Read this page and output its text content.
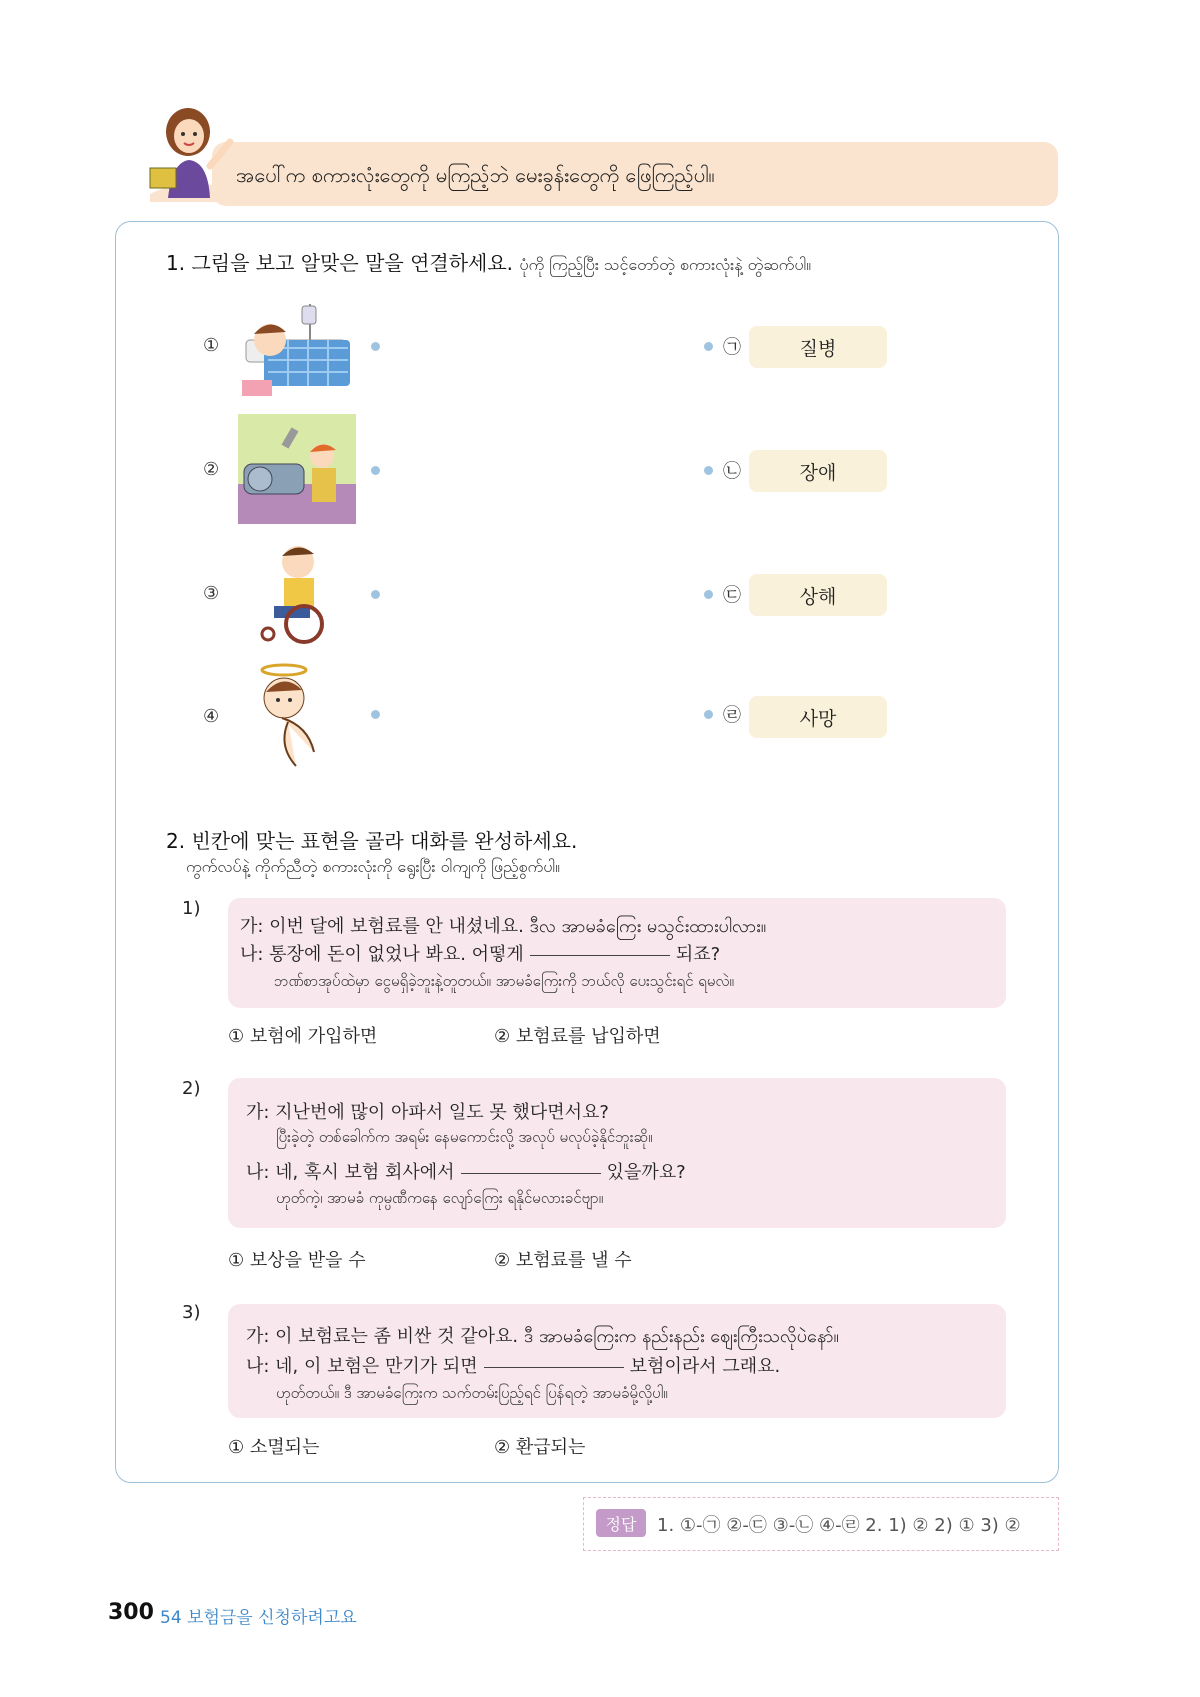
အပေါ်က စကားလုံးတွေကို မကြည့်ဘဲ မေးခွန်းတွေကို ဖြေကြည့်ပါ။
1. 그림을 보고 알맞은 말을 연결하세요. ပုံကို ကြည့်ပြီး သင့်တော်တဲ့ စကားလုံးနဲ့ တွဲဆက်ပါ။
①	㉠	질병
②	㉡	장애
③	㉢	상해
④	㉣	사망
2. 빈칸에 맞는 표현을 골라 대화를 완성하세요.
ကွက်လပ်နဲ့ ကိုက်ညီတဲ့ စကားလုံးကို ရွေးပြီး ဝါကျကို ဖြည့်စွက်ပါ။
1)
가: 이번 달에 보험료를 안 내셨네요. ဒီလ အာမခံကြေး မသွင်းထားပါလား။
나: 통장에 돈이 없었나 봐요. 어떻게	되죠?
ဘဏ်စာအုပ်ထဲမှာ ငွေမရှိခဲ့ဘူးနဲ့တူတယ်။ အာမခံကြေးကို ဘယ်လို ပေးသွင်းရင် ရမလဲ။
① 보험에 가입하면	② 보험료를 납입하면
2)
가: 지난번에 많이 아파서 일도 못 했다면서요?
ပြီးခဲ့တဲ့ တစ်ခေါက်က အရမ်း နေမကောင်းလို့ အလုပ် မလုပ်ခဲ့နိုင်ဘူးဆို။
나: 네, 혹시 보험 회사에서	있을까요?
ဟုတ်ကဲ့၊ အာမခံ ကုမ္ပဏီကနေ လျော်ကြေး ရနိုင်မလားခင်ဗျာ။
① 보상을 받을 수	② 보험료를 낼 수
3)
가: 이 보험료는 좀 비싼 것 같아요. ဒီ အာမခံကြေးက နည်းနည်း ဈေးကြီးသလိုပဲနော်။
나: 네, 이 보험은 만기가 되면	보험이라서 그래요.
ဟုတ်တယ်။ ဒီ အာမခံကြေးက သက်တမ်းပြည့်ရင် ပြန်ရတဲ့ အာမခံမို့လို့ပါ။
① 소멸되는	② 환급되는
정답	1. ①-㉠ ②-㉢ ③-㉡ ④-㉣ 2. 1) ② 2) ① 3) ②
300 54 보험금을 신청하려고요
